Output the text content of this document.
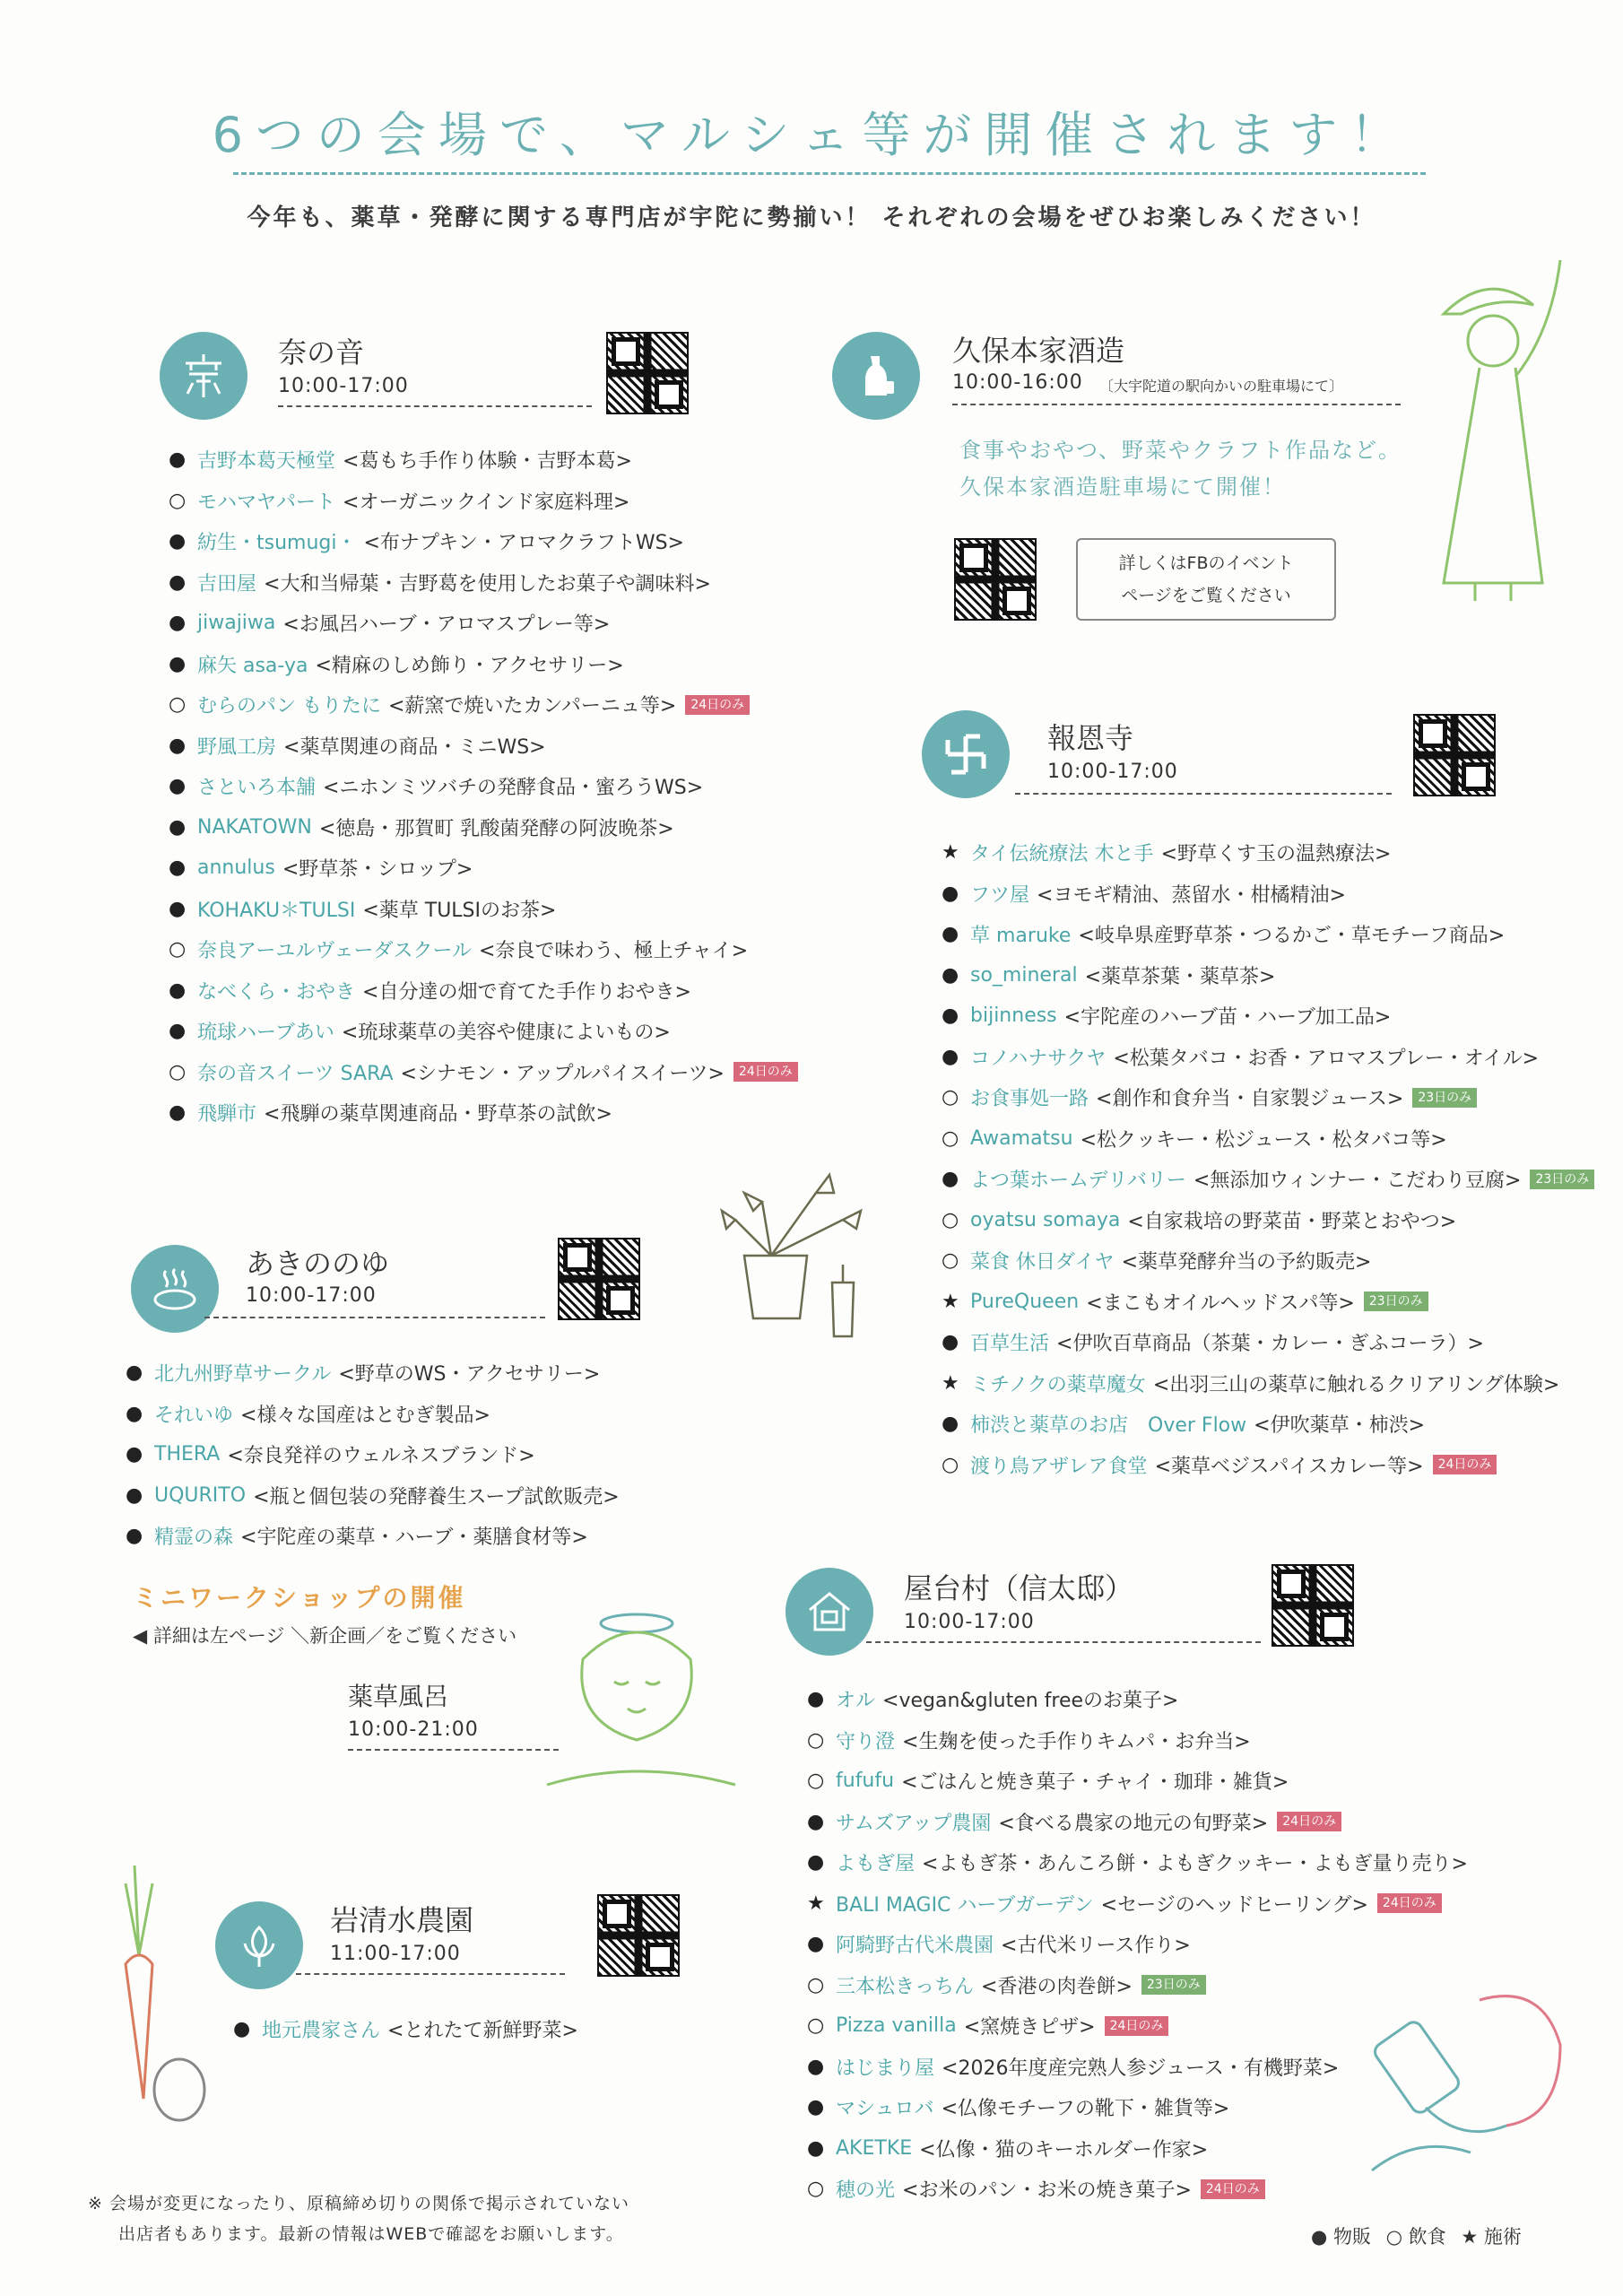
6つの会場で、マルシェ等が開催されます！
今年も、薬草・発酵に関する専門店が宇陀に勢揃い！ それぞれの会場をぜひお楽しみください！
奈の音
10:00-17:00
● 吉野本葛天極堂 <葛もち手作り体験・吉野本葛>
○ モハマヤパート <オーガニックインド家庭料理>
● 紡生・tsumugi・ <布ナプキン・アロマクラフトWS>
● 吉田屋 <大和当帰葉・吉野葛を使用したお菓子や調味料>
● jiwajiwa <お風呂ハーブ・アロマスプレー等>
● 麻矢 asa-ya <精麻のしめ飾り・アクセサリー>
○ むらのパン もりたに <薪窯で焼いたカンパーニュ等>	24日のみ
● 野風工房 <薬草関連の商品・ミニWS>
● さといろ本舗 <ニホンミツバチの発酵食品・蜜ろうWS>
● NAKATOWN <徳島・那賀町 乳酸菌発酵の阿波晩茶>
● annulus <野草茶・シロップ>
● KOHAKU＊TULSI <薬草 TULSIのお茶>
○ 奈良アーユルヴェーダスクール <奈良で味わう、極上チャイ>
● なべくら・おやき <自分達の畑で育てた手作りおやき>
● 琉球ハーブあい <琉球薬草の美容や健康によいもの>
○ 奈の音スイーツ SARA <シナモン・アップルパイスイーツ>	24日のみ
● 飛騨市 <飛騨の薬草関連商品・野草茶の試飲>
久保本家酒造
10:00-16:00 〔大宇陀道の駅向かいの駐車場にて〕
食事やおやつ、野菜やクラフト作品など。
久保本家酒造駐車場にて開催！
詳しくはFBのイベント
ページをご覧ください
報恩寺
10:00-17:00
★ タイ伝統療法 木と手 <野草くす玉の温熱療法>
● フツ屋 <ヨモギ精油、蒸留水・柑橘精油>
● 草 maruke <岐阜県産野草茶・つるかご・草モチーフ商品>
● so_mineral <薬草茶葉・薬草茶>
● bijinness <宇陀産のハーブ苗・ハーブ加工品>
● コノハナサクヤ <松葉タバコ・お香・アロマスプレー・オイル>
○ お食事処一路 <創作和食弁当・自家製ジュース>	23日のみ
○ Awamatsu <松クッキー・松ジュース・松タバコ等>
● よつ葉ホームデリバリー <無添加ウィンナー・こだわり豆腐>	23日のみ
○ oyatsu somaya <自家栽培の野菜苗・野菜とおやつ>
○ 菜食 休日ダイヤ <薬草発酵弁当の予約販売>
★ PureQueen <まこもオイルヘッドスパ等>	23日のみ
● 百草生活 <伊吹百草商品（茶葉・カレー・ぎふコーラ）>
★ ミチノクの薬草魔女 <出羽三山の薬草に触れるクリアリング体験>
● 柿渋と薬草のお店　Over Flow <伊吹薬草・柿渋>
○ 渡り鳥アザレア食堂 <薬草ベジスパイスカレー等>	24日のみ
あきののゆ
10:00-17:00
● 北九州野草サークル <野草のWS・アクセサリー>
● それいゆ <様々な国産はとむぎ製品>
● THERA <奈良発祥のウェルネスブランド>
● UQURITO <瓶と個包装の発酵養生スープ試飲販売>
● 精霊の森 <宇陀産の薬草・ハーブ・薬膳食材等>
ミニワークショップの開催
◀ 詳細は左ページ ＼新企画／をご覧ください
薬草風呂
10:00-21:00
岩清水農園
11:00-17:00
● 地元農家さん <とれたて新鮮野菜>
屋台村（信太邸）
10:00-17:00
● オル <vegan&gluten freeのお菓子>
○ 守り澄 <生麹を使った手作りキムパ・お弁当>
○ fufufu <ごはんと焼き菓子・チャイ・珈琲・雑貨>
● サムズアップ農園 <食べる農家の地元の旬野菜>	24日のみ
● よもぎ屋 <よもぎ茶・あんころ餅・よもぎクッキー・よもぎ量り売り>
★ BALI MAGIC ハーブガーデン <セージのヘッドヒーリング>	24日のみ
● 阿騎野古代米農園 <古代米リース作り>
○ 三本松きっちん <香港の肉巻餅>	23日のみ
○ Pizza vanilla <窯焼きピザ>	24日のみ
● はじまり屋 <2026年度産完熟人参ジュース・有機野菜>
● マシュロバ <仏像モチーフの靴下・雑貨等>
● AKETKE <仏像・猫のキーホルダー作家>
○ 穂の光 <お米のパン・お米の焼き菓子>	24日のみ
※ 会場が変更になったり、原稿締め切りの関係で掲示されていない
出店者もあります。最新の情報はWEBで確認をお願いします。	● 物販 ○ 飲食 ★ 施術
